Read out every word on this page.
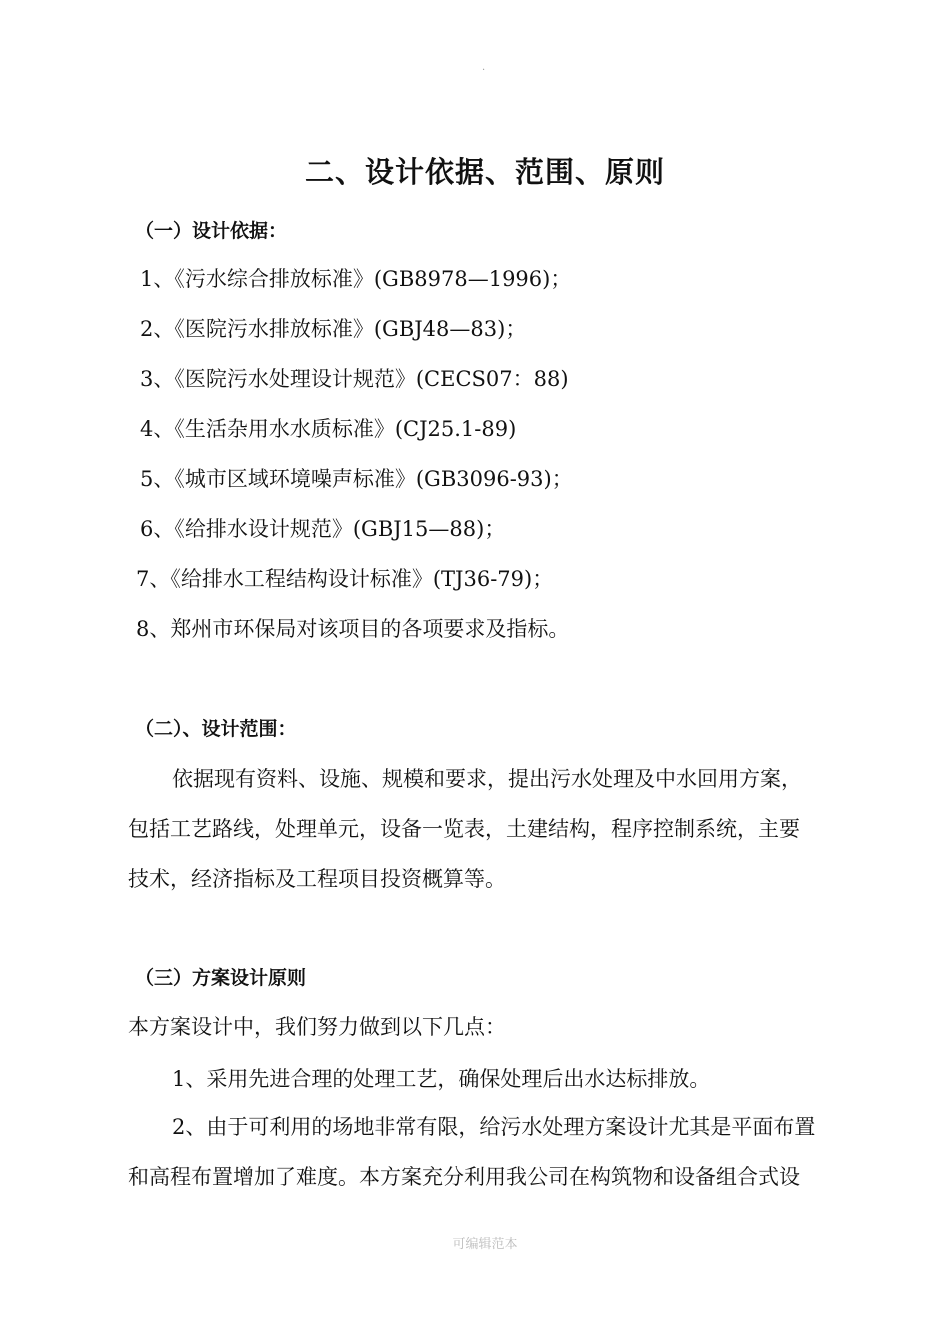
.
二、设计依据、范围、原则
（一）设计依据：
1、《污水综合排放标准》(GB8978—1996)；
2、《医院污水排放标准》(GBJ48—83)；
3、《医院污水处理设计规范》(CECS07：88)
4、《生活杂用水水质标准》(CJ25.1-89)
5、《城市区域环境噪声标准》(GB3096-93)；
6、《给排水设计规范》(GBJ15—88)；
7、《给排水工程结构设计标准》(TJ36-79)；
8、郑州市环保局对该项目的各项要求及指标。
（二）、设计范围：
依据现有资料、设施、规模和要求，提出污水处理及中水回用方案，
包括工艺路线，处理单元，设备一览表，土建结构，程序控制系统，主要
技术，经济指标及工程项目投资概算等。
（三）方案设计原则
本方案设计中，我们努力做到以下几点：
1、采用先进合理的处理工艺，确保处理后出水达标排放。
2、由于可利用的场地非常有限，给污水处理方案设计尤其是平面布置
和高程布置增加了难度。本方案充分利用我公司在构筑物和设备组合式设
可编辑范本
